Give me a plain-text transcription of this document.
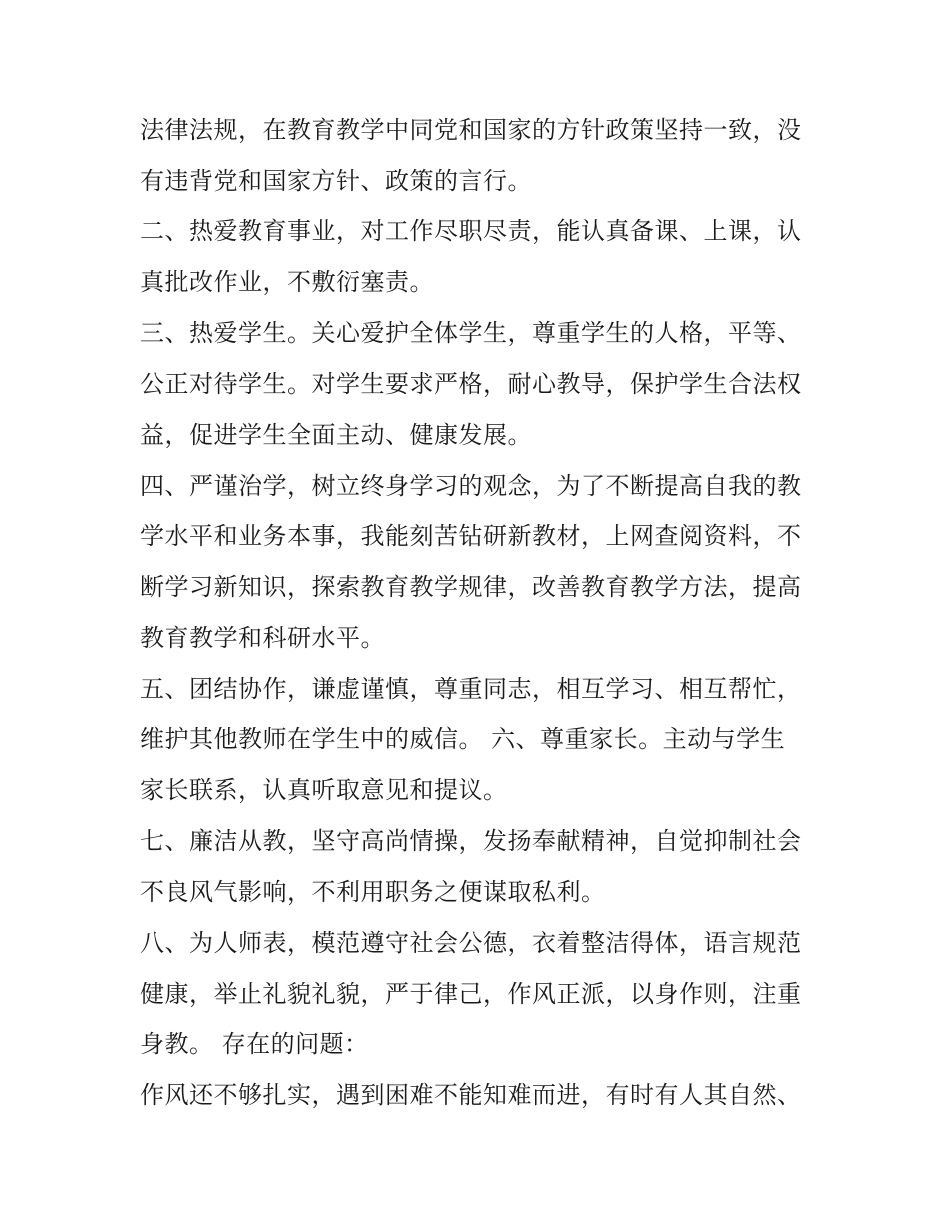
法律法规，在教育教学中同党和国家的方针政策坚持一致，没
有违背党和国家方针、政策的言行。
二、热爱教育事业，对工作尽职尽责，能认真备课、上课，认
真批改作业，不敷衍塞责。
三、热爱学生。关心爱护全体学生，尊重学生的人格，平等、
公正对待学生。对学生要求严格，耐心教导，保护学生合法权
益，促进学生全面主动、健康发展。
四、严谨治学，树立终身学习的观念，为了不断提高自我的教
学水平和业务本事，我能刻苦钻研新教材，上网查阅资料，不
断学习新知识，探索教育教学规律，改善教育教学方法，提高
教育教学和科研水平。
五、团结协作，谦虚谨慎，尊重同志，相互学习、相互帮忙，
维护其他教师在学生中的威信。 六、尊重家长。主动与学生
家长联系，认真听取意见和提议。
七、廉洁从教，坚守高尚情操，发扬奉献精神，自觉抑制社会
不良风气影响，不利用职务之便谋取私利。
八、为人师表，模范遵守社会公德，衣着整洁得体，语言规范
健康，举止礼貌礼貌，严于律己，作风正派，以身作则，注重
身教。 存在的问题：
作风还不够扎实，遇到困难不能知难而进，有时有人其自然、
